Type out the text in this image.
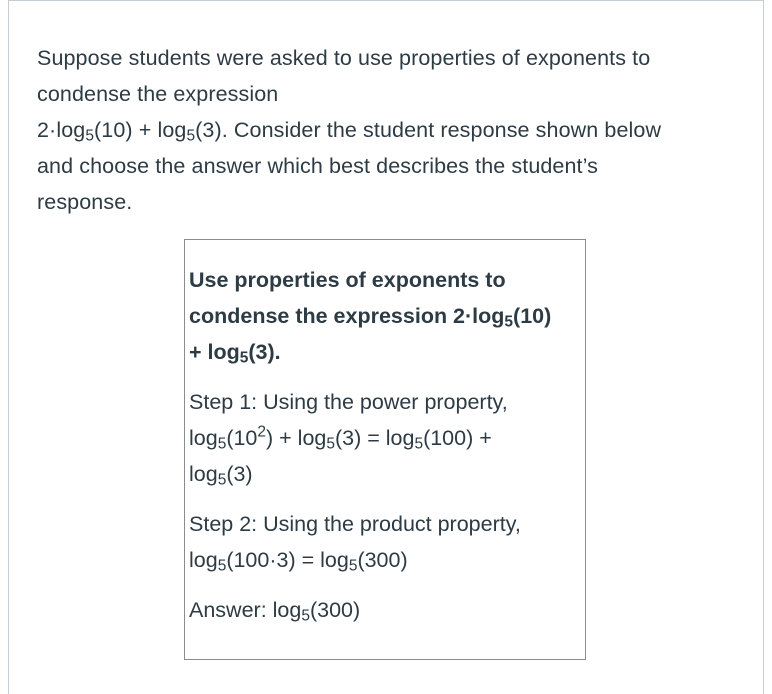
Suppose students were asked to use properties of exponents to

condense the expression

$2\cdot\log_5(10) + \log_5(3)$. Consider the student response shown below

and choose the answer which best describes the student’s

response.

Use properties of exponents to
condense the expression $2\cdot\log_5(10)$
+ $\log_5(3)$.

Step 1: Using the power property,
$\log_5(10^2) + \log_5(3) = \log_5(100)$ +
$\log_5(3)$

Step 2: Using the product property,
$\log_5(100\cdot 3) = \log_5(300)$

Answer: $\log_5(300)$
